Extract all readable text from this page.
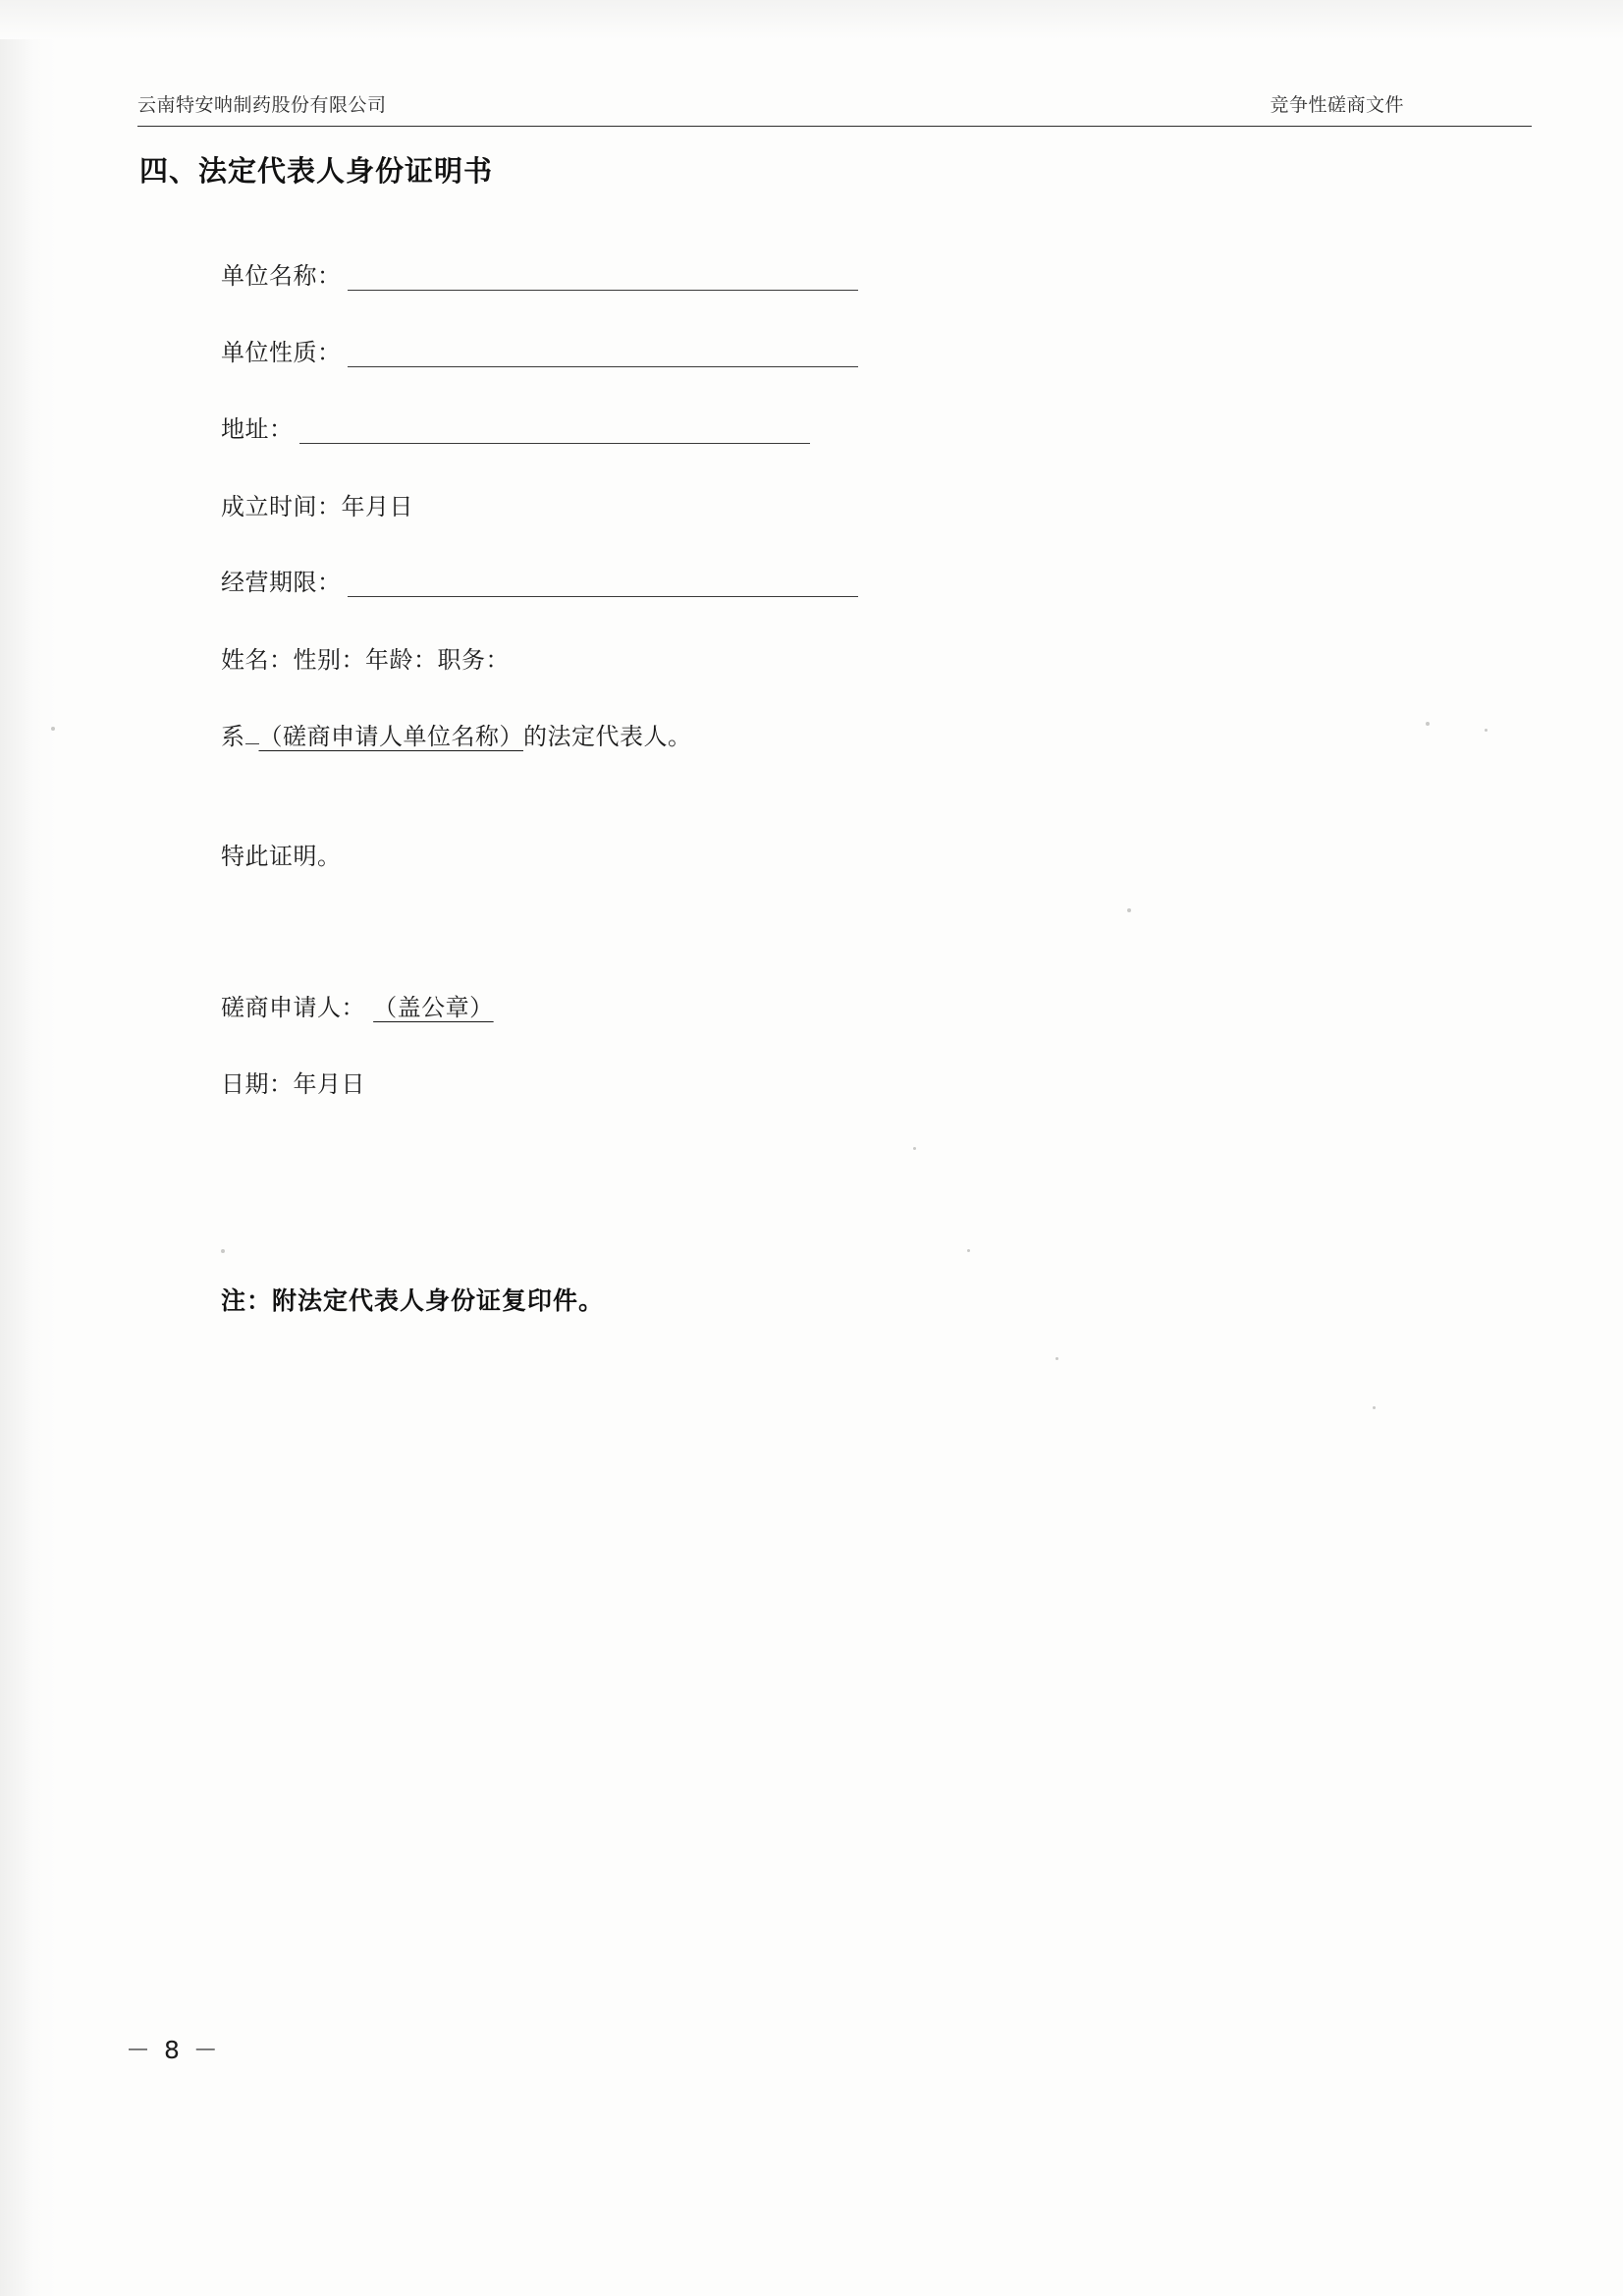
云南特安呐制药股份有限公司	竞争性磋商文件
四、法定代表人身份证明书
单位名称：
单位性质：
地址：
成立时间：年月日
经营期限：
姓名：性别：年龄：职务：
系 （磋商申请人单位名称）的法定代表人。
特此证明。
磋商申请人： （盖公章）
日期：年月日
注：附法定代表人身份证复印件。
－ 8 －
